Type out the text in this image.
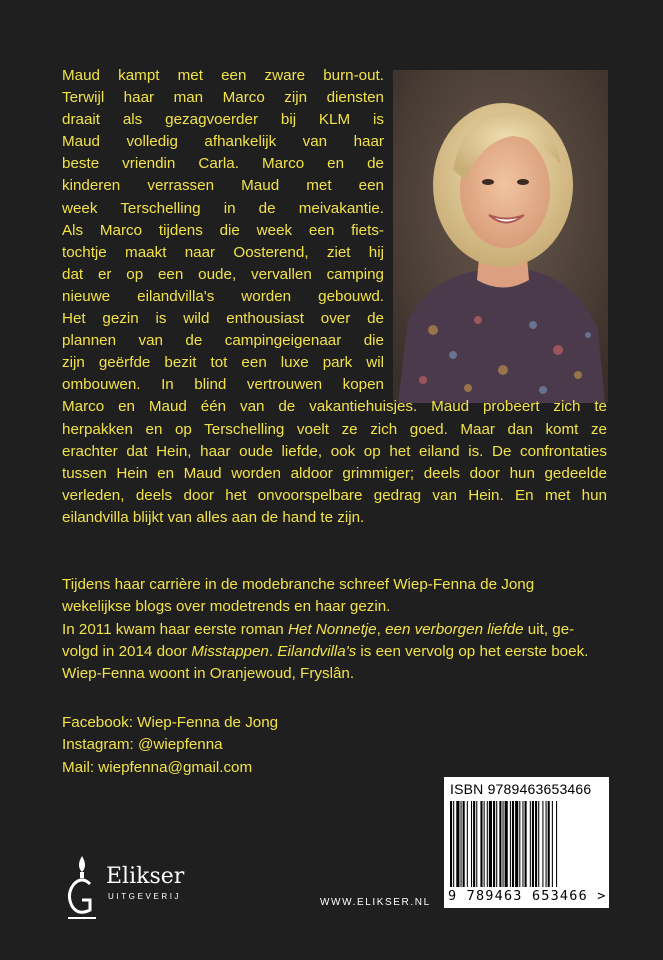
Maud kampt met een zware burn-out.
Terwijl haar man Marco zijn diensten
draait als gezagvoerder bij KLM is
Maud volledig afhankelijk van haar
beste vriendin Carla. Marco en de
kinderen verrassen Maud met een
week Terschelling in de meivakantie.
Als Marco tijdens die week een fiets-
tochtje maakt naar Oosterend, ziet hij
dat er op een oude, vervallen camping
nieuwe eilandvilla's worden gebouwd.
Het gezin is wild enthousiast over de
plannen van de campingeigenaar die
zijn geërfde bezit tot een luxe park wil
ombouwen. In blind vertrouwen kopen
Marco en Maud één van de vakantiehuisjes. Maud probeert zich te
herpakken en op Terschelling voelt ze zich goed. Maar dan komt ze
erachter dat Hein, haar oude liefde, ook op het eiland is. De confrontaties
tussen Hein en Maud worden aldoor grimmiger; deels door hun gedeelde
verleden, deels door het onvoorspelbare gedrag van Hein. En met hun
eilandvilla blijkt van alles aan de hand te zijn.
Tijdens haar carrière in de modebranche schreef Wiep-Fenna de Jong
wekelijkse blogs over modetrends en haar gezin.
In 2011 kwam haar eerste roman Het Nonnetje, een verborgen liefde uit, ge-
volgd in 2014 door Misstappen. Eilandvilla's is een vervolg op het eerste boek.
Wiep-Fenna woont in Oranjewoud, Fryslân.
Facebook: Wiep-Fenna de Jong
Instagram: @wiepfenna
Mail: wiepfenna@gmail.com
ISBN 9789463653466
9 789463 653466 >
Elikser
UITGEVERIJ
WWW.ELIKSER.NL
